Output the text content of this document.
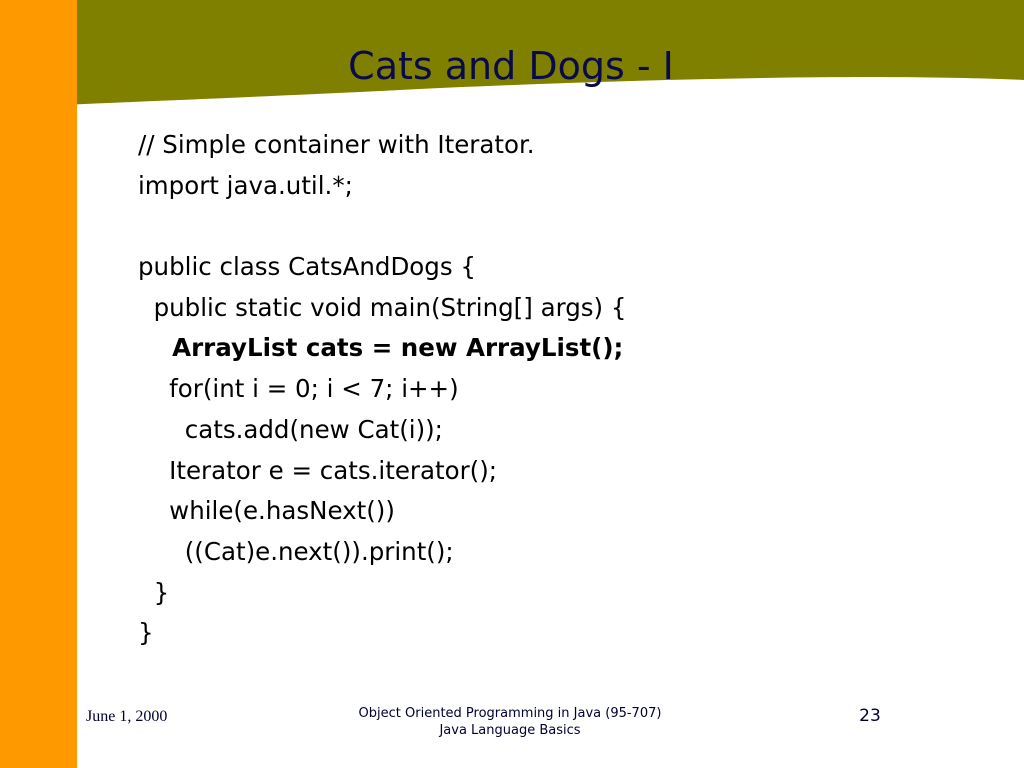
Cats and Dogs - I
// Simple container with Iterator.
import java.util.*;
public class CatsAndDogs {
public static void main(String[] args) {
ArrayList cats = new ArrayList();
for(int i = 0; i < 7; i++)
cats.add(new Cat(i));
Iterator e = cats.iterator();
while(e.hasNext())
((Cat)e.next()).print();
}
}
June 1, 2000	Object Oriented Programming in Java (95-707)
Java Language Basics
23
